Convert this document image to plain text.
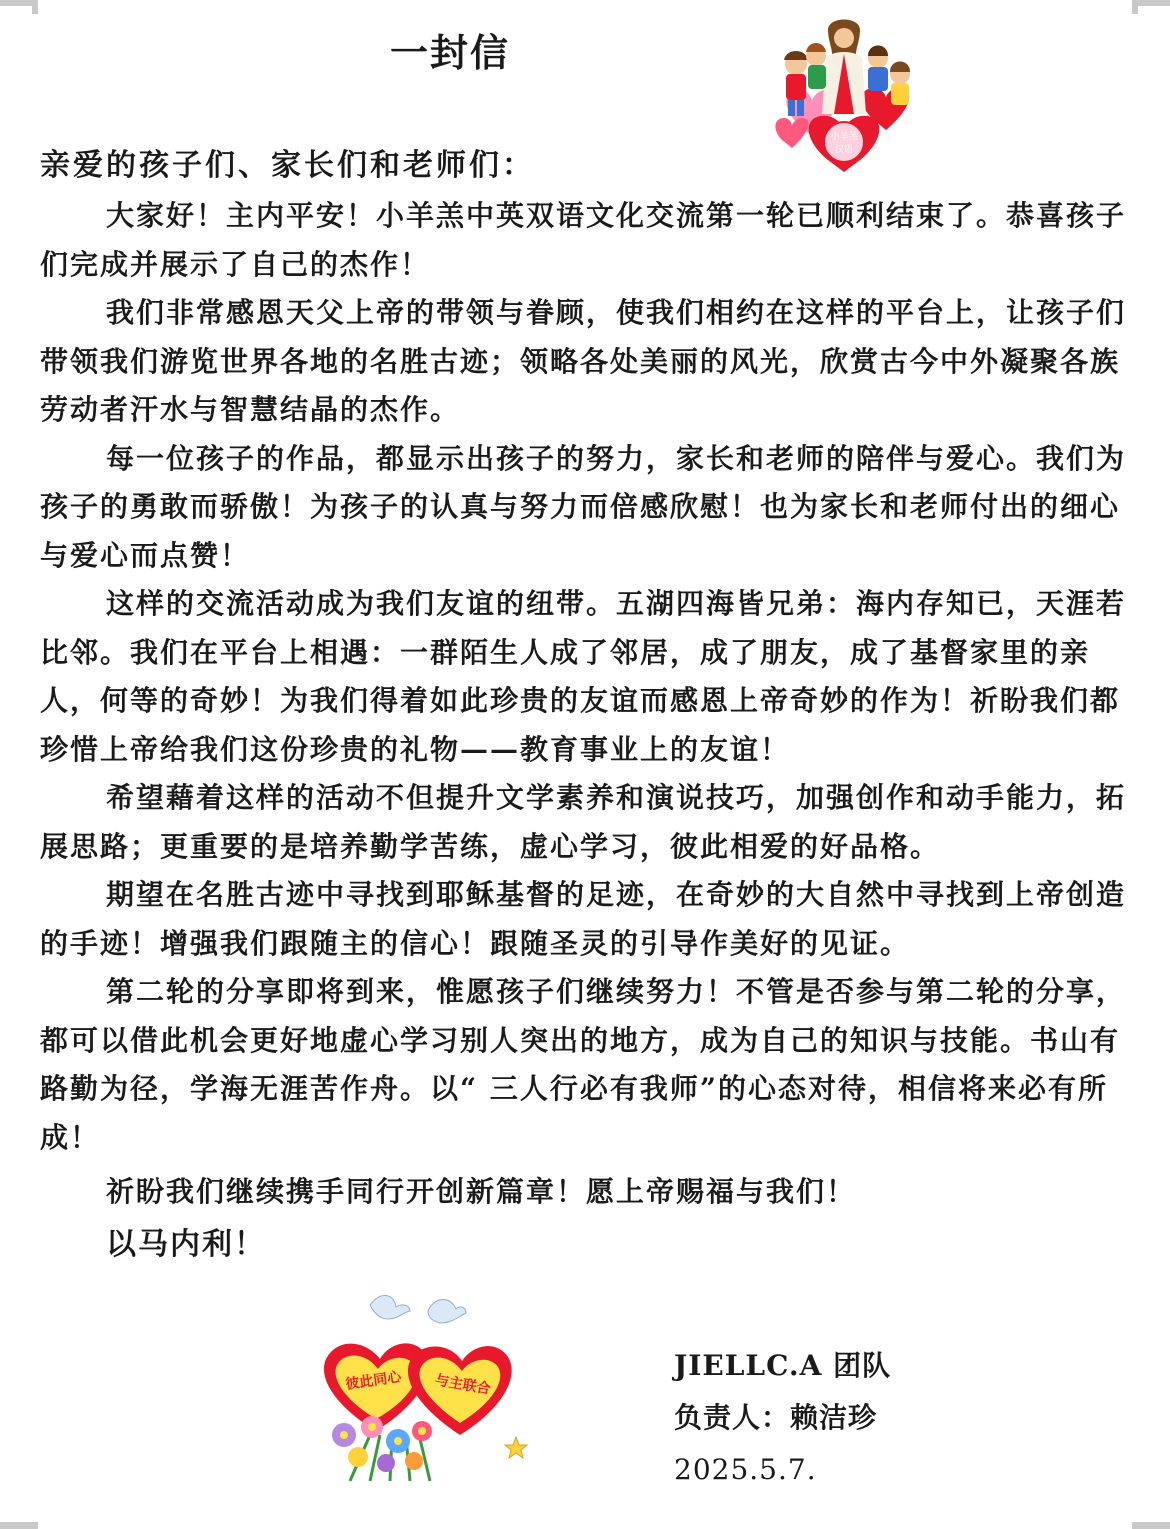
一封信
小羊羔
汉语
亲爱的孩子们、家长们和老师们：

大家好！主内平安！小羊羔中英双语文化交流第一轮已顺利结束了。恭喜孩子们完成并展示了自己的杰作！

我们非常感恩天父上帝的带领与眷顾，使我们相约在这样的平台上，让孩子们带领我们游览世界各地的名胜古迹；领略各处美丽的风光，欣赏古今中外凝聚各族劳动者汗水与智慧结晶的杰作。

每一位孩子的作品，都显示出孩子的努力，家长和老师的陪伴与爱心。我们为孩子的勇敢而骄傲！为孩子的认真与努力而倍感欣慰！也为家长和老师付出的细心与爱心而点赞！

这样的交流活动成为我们友谊的纽带。五湖四海皆兄弟：海内存知已，天涯若比邻。我们在平台上相遇：一群陌生人成了邻居，成了朋友，成了基督家里的亲人，何等的奇妙！为我们得着如此珍贵的友谊而感恩上帝奇妙的作为！祈盼我们都珍惜上帝给我们这份珍贵的礼物——教育事业上的友谊！

希望藉着这样的活动不但提升文学素养和演说技巧，加强创作和动手能力，拓展思路；更重要的是培养勤学苦练，虚心学习，彼此相爱的好品格。

期望在名胜古迹中寻找到耶稣基督的足迹，在奇妙的大自然中寻找到上帝创造的手迹！增强我们跟随主的信心！跟随圣灵的引导作美好的见证。

第二轮的分享即将到来，惟愿孩子们继续努力！不管是否参与第二轮的分享，都可以借此机会更好地虚心学习别人突出的地方，成为自己的知识与技能。书山有路勤为径，学海无涯苦作舟。以“ 三人行必有我师”的心态对待，相信将来必有所成！

祈盼我们继续携手同行开创新篇章！愿上帝赐福与我们！

以马内利！

彼此同心 与主联合
JIELLC.A 团队
负责人：赖洁珍
2025.5.7.
